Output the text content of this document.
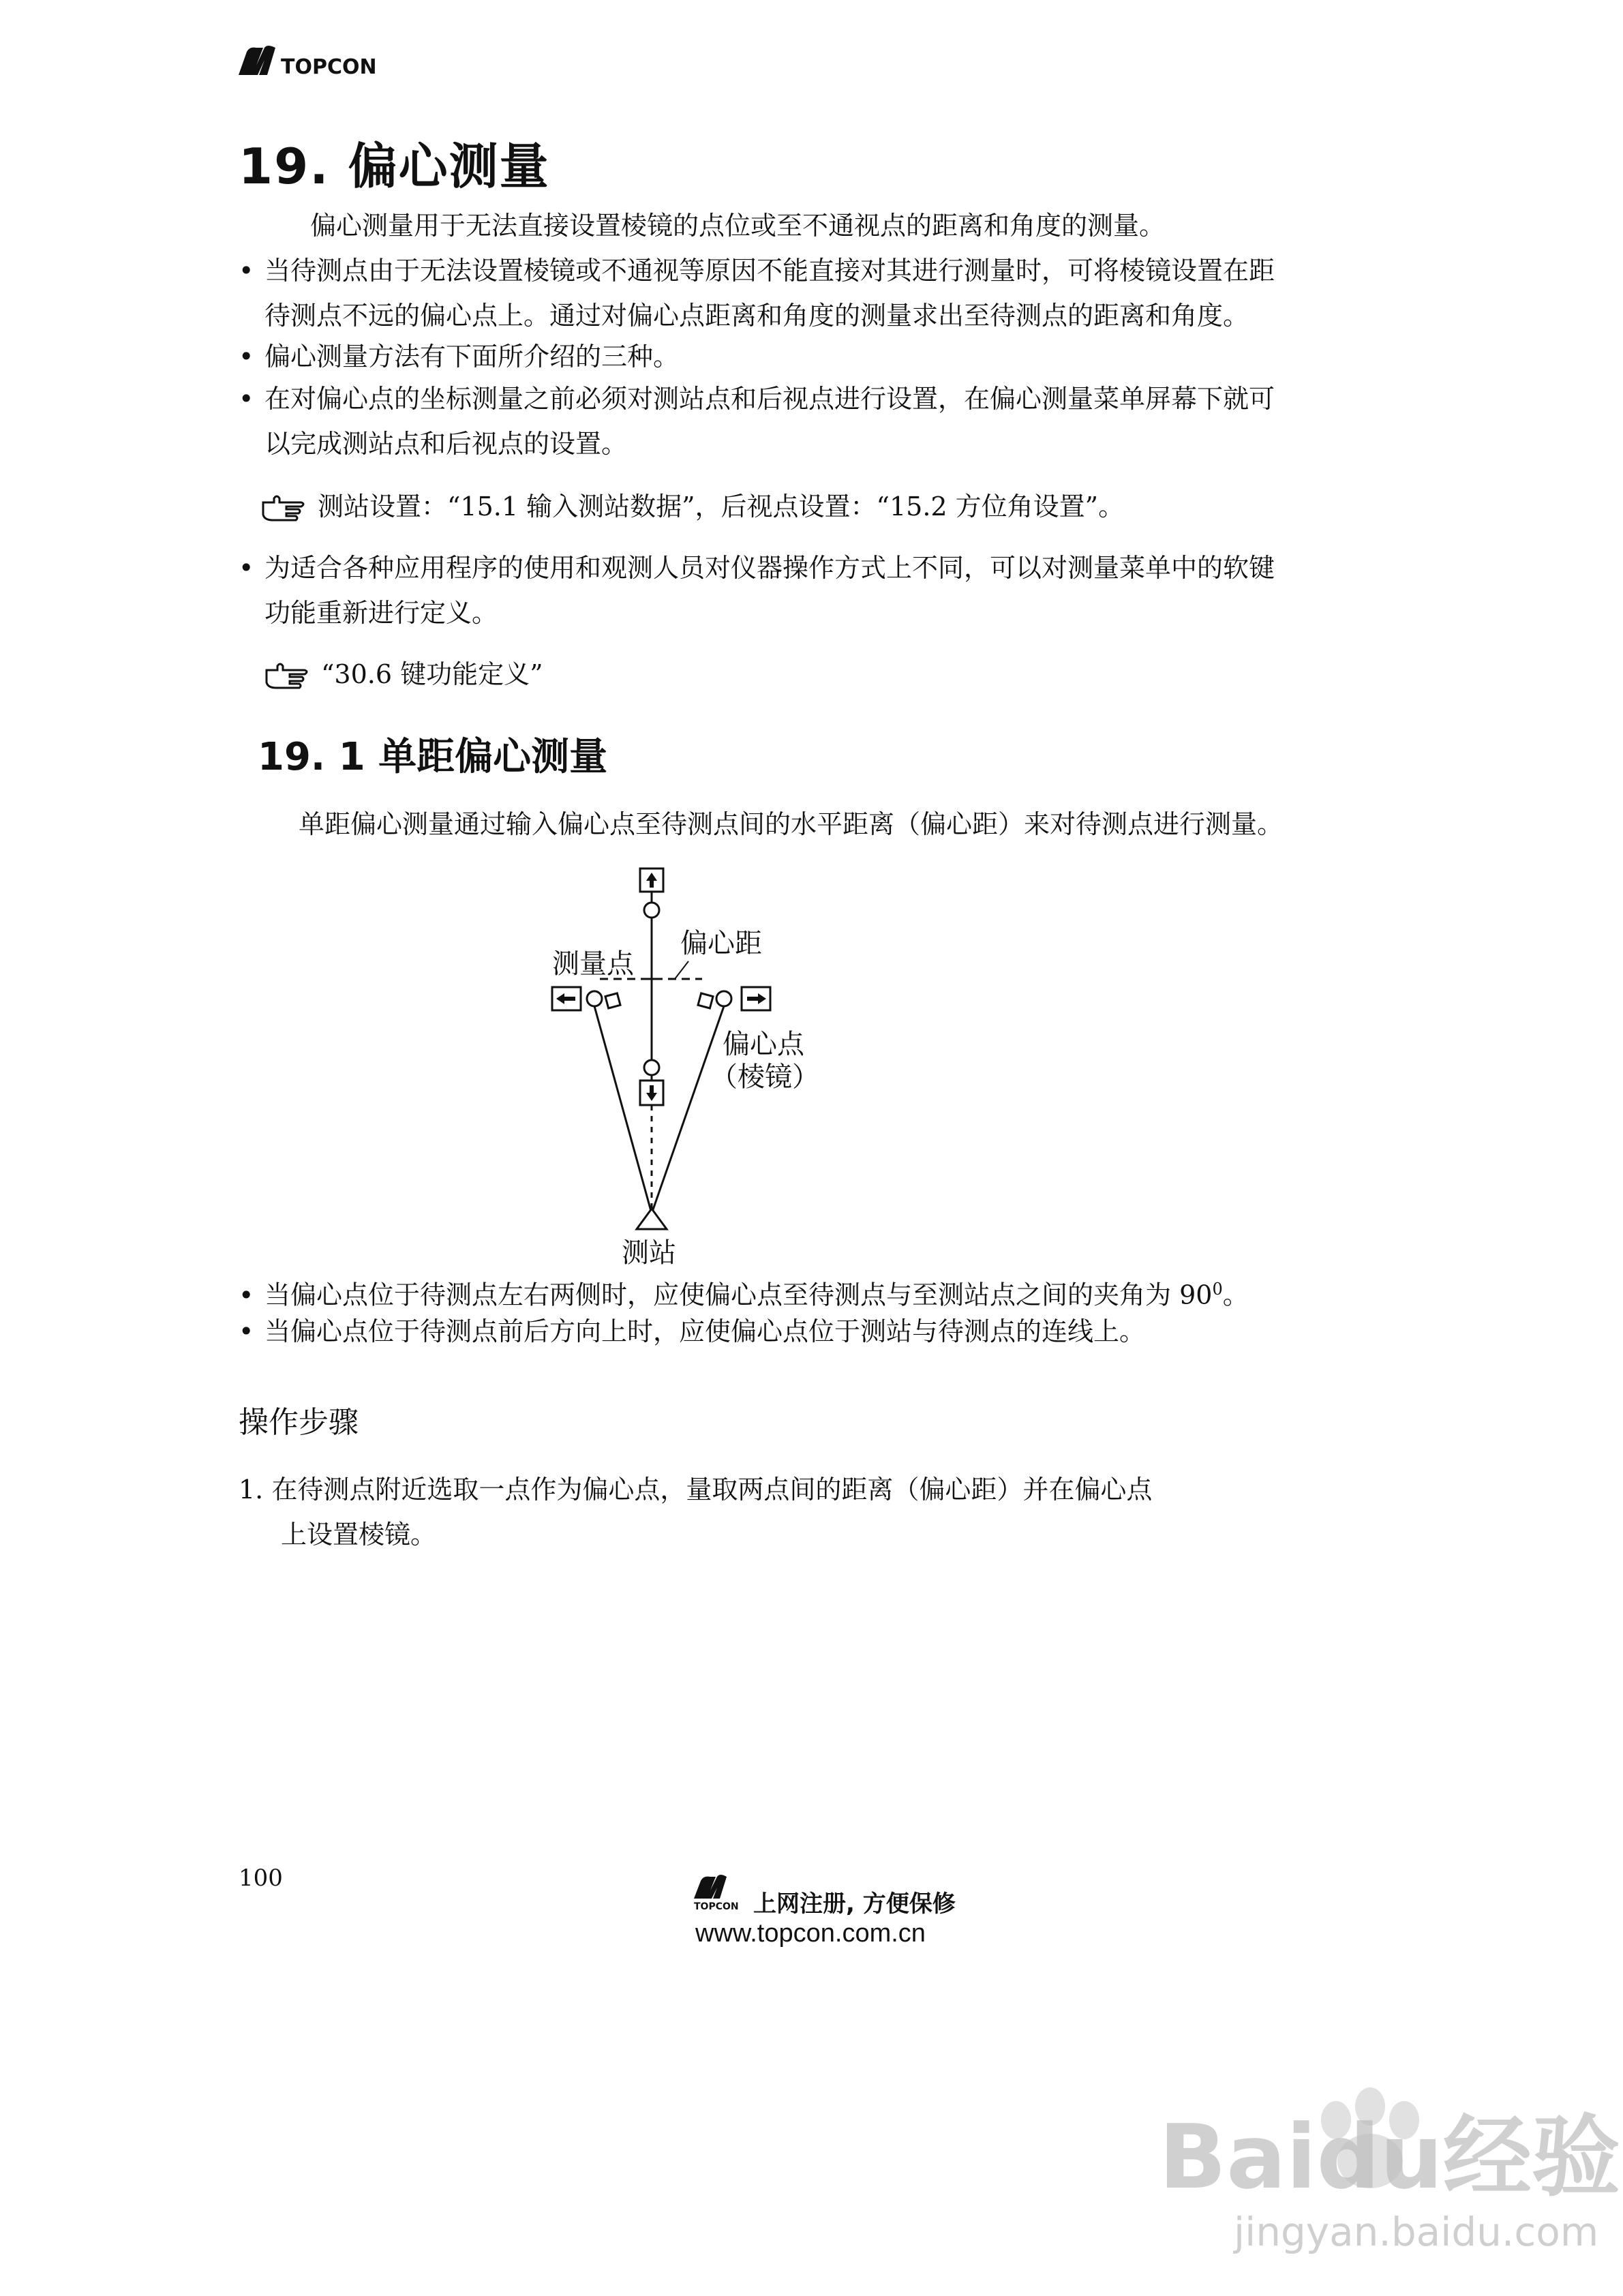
TOPCON
19. 偏心测量
偏心测量用于无法直接设置棱镜的点位或至不通视点的距离和角度的测量。
• 当待测点由于无法设置棱镜或不通视等原因不能直接对其进行测量时，可将棱镜设置在距
待测点不远的偏心点上。通过对偏心点距离和角度的测量求出至待测点的距离和角度。
• 偏心测量方法有下面所介绍的三种。
• 在对偏心点的坐标测量之前必须对测站点和后视点进行设置，在偏心测量菜单屏幕下就可
以完成测站点和后视点的设置。
测站设置：“15.1 输入测站数据”，后视点设置：“15.2 方位角设置”。
• 为适合各种应用程序的使用和观测人员对仪器操作方式上不同，可以对测量菜单中的软键
功能重新进行定义。
“30.6 键功能定义”
19. 1 单距偏心测量
单距偏心测量通过输入偏心点至待测点间的水平距离（偏心距）来对待测点进行测量。
测量点
偏心距
偏心点
（棱镜）
测站
• 当偏心点位于待测点左右两侧时，应使偏心点至待测点与至测站点之间的夹角为 $90^0$。
• 当偏心点位于待测点前后方向上时，应使偏心点位于测站与待测点的连线上。
操作步骤
1. 在待测点附近选取一点作为偏心点，量取两点间的距离（偏心距）并在偏心点
上设置棱镜。
100
TOPCON 上网注册, 方便保修
www.topcon.com.cn
Baidu经验
jingyan.baidu.com
